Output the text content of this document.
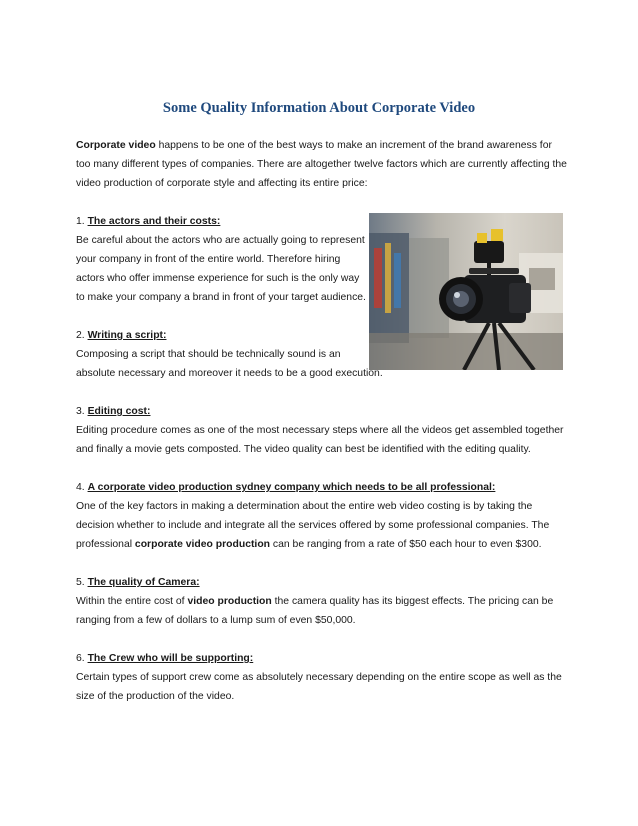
Some Quality Information About Corporate Video

Corporate video happens to be one of the best ways to make an increment of the brand awareness for too many different types of companies. There are altogether twelve factors which are currently affecting the video production of corporate style and affecting its entire price:

1. The actors and their costs:

Be careful about the actors who are actually going to represent your company in front of the entire world. Therefore hiring actors who offer immense experience for such is the only way to make your company a brand in front of your target audience.

2. Writing a script:

Composing a script that should be technically sound is an

absolute necessary and moreover it needs to be a good execution.

3. Editing cost:

Editing procedure comes as one of the most necessary steps where all the videos get assembled together and finally a movie gets composted. The video quality can best be identified with the editing quality.

4. A corporate video production sydney company which needs to be all professional:

One of the key factors in making a determination about the entire web video costing is by taking the decision whether to include and integrate all the services offered by some professional companies. The professional corporate video production can be ranging from a rate of $50 each hour to even $300.

5. The quality of Camera:

Within the entire cost of video production the camera quality has its biggest effects. The pricing can be ranging from a few of dollars to a lump sum of even $50,000.

6. The Crew who will be supporting:

Certain types of support crew come as absolutely necessary depending on the entire scope as well as the size of the production of the video.
